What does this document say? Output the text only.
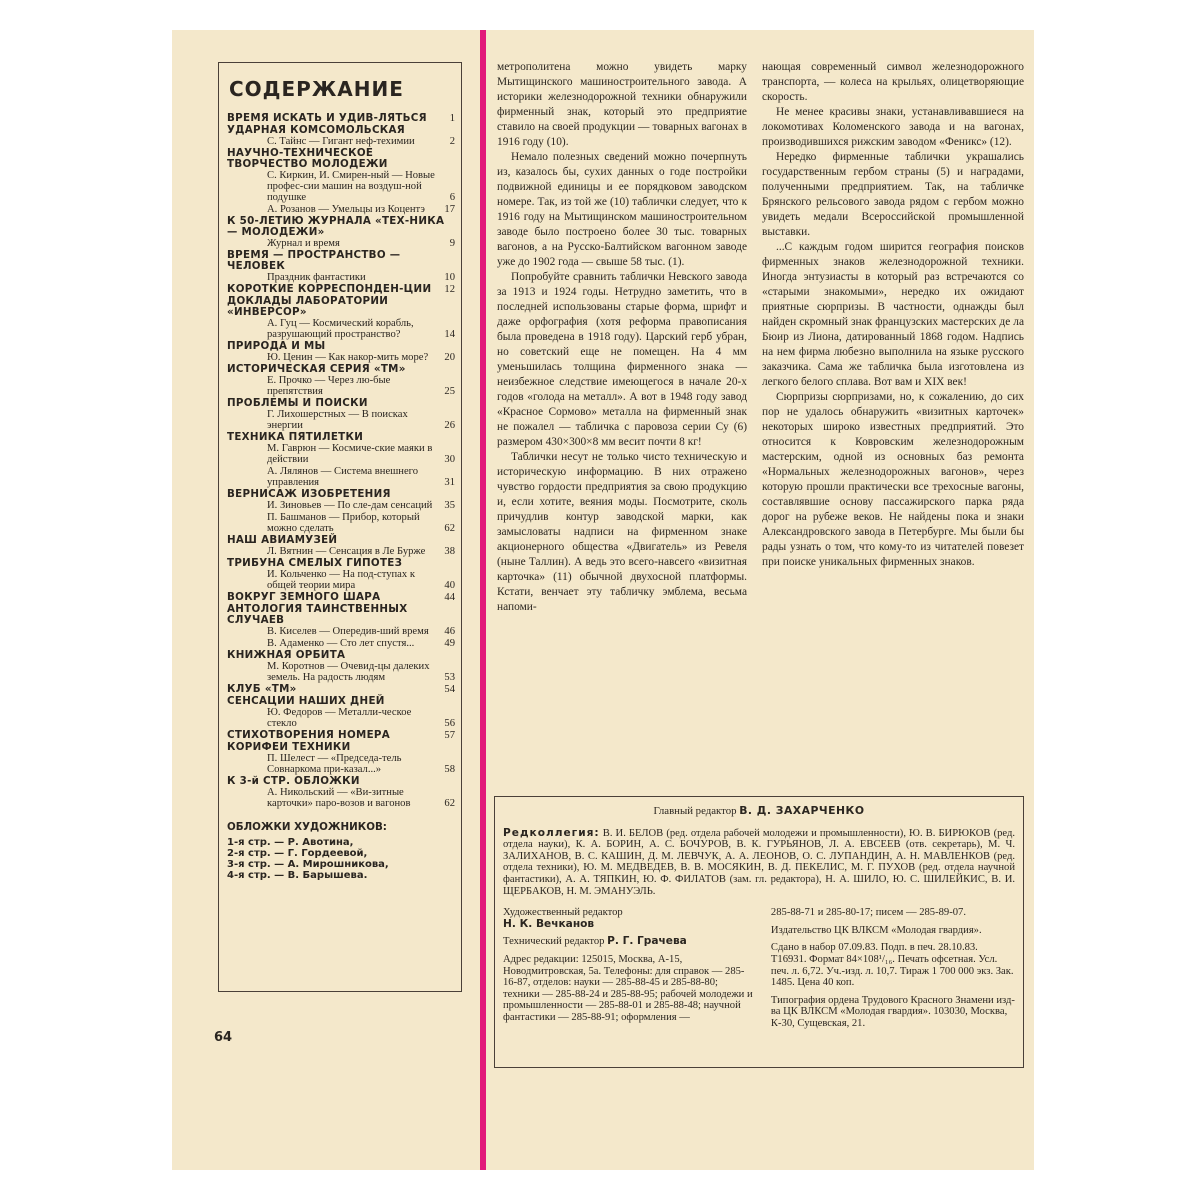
СОДЕРЖАНИЕ
ВРЕМЯ ИСКАТЬ И УДИВ-ЛЯТЬСЯ	1
УДАРНАЯ КОМСОМОЛЬСКАЯ
С. Тайнс — Гигант неф-техимии	2
НАУЧНО-ТЕХНИЧЕСКОЕ ТВОРЧЕСТВО МОЛОДЕЖИ
С. Киркин, И. Смирен-ный — Новые профес-сии машин на воздуш-ной подушке	6
А. Розанов — Умельцы из Коцентэ	17
К 50-ЛЕТИЮ ЖУРНАЛА «ТЕХ-НИКА — МОЛОДЕЖИ»
Журнал и время	9
ВРЕМЯ — ПРОСТРАНСТВО — ЧЕЛОВЕК
Праздник фантастики	10
КОРОТКИЕ КОРРЕСПОНДЕН-ЦИИ	12
ДОКЛАДЫ ЛАБОРАТОРИИ «ИНВЕРСОР»
А. Гуц — Космический корабль, разрушающий пространство?	14
ПРИРОДА И МЫ
Ю. Ценин — Как накор-мить море?	20
ИСТОРИЧЕСКАЯ СЕРИЯ «ТМ»
Е. Прочко — Через лю-бые препятствия	25
ПРОБЛЕМЫ И ПОИСКИ
Г. Лихошерстных — В поисках энергии	26
ТЕХНИКА ПЯТИЛЕТКИ
М. Гаврюн — Космиче-ские маяки в действии	30
А. Лялянов — Система внешнего управления	31
ВЕРНИСАЖ ИЗОБРЕТЕНИЯ
И. Зиновьев — По сле-дам сенсаций	35
П. Башманов — Прибор, который можно сделать	62
НАШ АВИАМУЗЕЙ
Л. Вятнин — Сенсация в Ле Бурже	38
ТРИБУНА СМЕЛЫХ ГИПОТЕЗ
И. Кольченко — На под-ступах к общей теории мира	40
ВОКРУГ ЗЕМНОГО ШАРА	44
АНТОЛОГИЯ ТАИНСТВЕННЫХ СЛУЧАЕВ
В. Киселев — Опередив-ший время	46
В. Адаменко — Сто лет спустя...	49
КНИЖНАЯ ОРБИТА
М. Коротнов — Очевид-цы далеких земель. На радость людям	53
КЛУБ «ТМ»	54
СЕНСАЦИИ НАШИХ ДНЕЙ
Ю. Федоров — Металли-ческое стекло	56
СТИХОТВОРЕНИЯ НОМЕРА	57
КОРИФЕИ ТЕХНИКИ
П. Шелест — «Председа-тель Совнаркома при-казал...»	58
К 3-й СТР. ОБЛОЖКИ
А. Никольский — «Ви-зитные карточки» паро-возов и вагонов	62
ОБЛОЖКИ ХУДОЖНИКОВ:
1-я стр. — Р. Авотина,
2-я стр. — Г. Гордеевой,
3-я стр. — А. Мирошникова,
4-я стр. — В. Барышева.
64

метрополитена можно увидеть марку Мытищинского машиностроительного завода. А историки железнодорожной техники обнаружили фирменный знак, который это предприятие ставило на своей продукции — товарных вагонах в 1916 году (10).

Немало полезных сведений можно почерпнуть из, казалось бы, сухих данных о годе постройки подвижной единицы и ее порядковом заводском номере. Так, из той же (10) таблички следует, что к 1916 году на Мытищинском машиностроительном заводе было построено более 30 тыс. товарных вагонов, а на Русско-Балтийском вагонном заводе уже до 1902 года — свыше 58 тыс. (1).

Попробуйте сравнить таблички Невского завода за 1913 и 1924 годы. Нетрудно заметить, что в последней использованы старые форма, шрифт и даже орфография (хотя реформа правописания была проведена в 1918 году). Царский герб убран, но советский еще не помещен. На 4 мм уменьшилась толщина фирменного знака — неизбежное следствие имеющегося в начале 20-х годов «голода на металл». А вот в 1948 году завод «Красное Сормово» металла на фирменный знак не пожалел — табличка с паровоза серии Су (6) размером 430×300×8 мм весит почти 8 кг!

Таблички несут не только чисто техническую и историческую информацию. В них отражено чувство гордости предприятия за свою продукцию и, если хотите, веяния моды. Посмотрите, сколь причудлив контур заводской марки, как замысловаты надписи на фирменном знаке акционерного общества «Двигатель» из Ревеля (ныне Таллин). А ведь это всего-навсего «визитная карточка» (11) обычной двухосной платформы. Кстати, венчает эту табличку эмблема, весьма напоми-

нающая современный символ железнодорожного транспорта, — колеса на крыльях, олицетворяющие скорость.

Не менее красивы знаки, устанавливавшиеся на локомотивах Коломенского завода и на вагонах, производившихся рижским заводом «Феникс» (12).

Нередко фирменные таблички украшались государственным гербом страны (5) и наградами, полученными предприятием. Так, на табличке Брянского рельсового завода рядом с гербом можно увидеть медали Всероссийской промышленной выставки.

...С каждым годом ширится география поисков фирменных знаков железнодорожной техники. Иногда энтузиасты в который раз встречаются со «старыми знакомыми», нередко их ожидают приятные сюрпризы. В частности, однажды был найден скромный знак французских мастерских де ла Бюир из Лиона, датированный 1868 годом. Надпись на нем фирма любезно выполнила на языке русского заказчика. Сама же табличка была изготовлена из легкого белого сплава. Вот вам и XIX век!

Сюрпризы сюрпризами, но, к сожалению, до сих пор не удалось обнаружить «визитных карточек» некоторых широко известных предприятий. Это относится к Ковровским железнодорожным мастерским, одной из основных баз ремонта «Нормальных железнодорожных вагонов», через которую прошли практически все трехосные вагоны, составлявшие основу пассажирского парка ряда дорог на рубеже веков. Не найдены пока и знаки Александровского завода в Петербурге. Мы были бы рады узнать о том, что кому-то из читателей повезет при поиске уникальных фирменных знаков.

Главный редактор В. Д. ЗАХАРЧЕНКО
Редколлегия: В. И. БЕЛОВ (ред. отдела рабочей молодежи и промышленности), Ю. В. БИРЮКОВ (ред. отдела науки), К. А. БОРИН, А. С. БОЧУРОВ, В. К. ГУРЬЯНОВ, Л. А. ЕВСЕЕВ (отв. секретарь), М. Ч. ЗАЛИХАНОВ, В. С. КАШИН, Д. М. ЛЕВЧУК, А. А. ЛЕОНОВ, О. С. ЛУПАНДИН, А. Н. МАВЛЕНКОВ (ред. отдела техники), Ю. М. МЕДВЕДЕВ, В. В. МОСЯКИН, В. Д. ПЕКЕЛИС, М. Г. ПУХОВ (ред. отдела научной фантастики), А. А. ТЯПКИН, Ю. Ф. ФИЛАТОВ (зам. гл. редактора), Н. А. ШИЛО, Ю. С. ШИЛЕЙКИС, В. И. ЩЕРБАКОВ, Н. М. ЭМАНУЭЛЬ.

Художественный редактор
Н. К. Вечканов

Технический редактор Р. Г. Грачева

Адрес редакции: 125015, Москва, А-15, Новодмитровская, 5а. Телефоны: для справок — 285-16-87, отделов: науки — 285-88-45 и 285-88-80; техники — 285-88-24 и 285-88-95; рабочей молодежи и промышленности — 285-88-01 и 285-88-48; научной фантастики — 285-88-91; оформления —

285-88-71 и 285-80-17; писем — 285-89-07.

Издательство ЦК ВЛКСМ «Молодая гвардия».

Сдано в набор 07.09.83. Подп. в печ. 28.10.83. Т16931. Формат 84×108¹/₁₆. Печать офсетная. Усл. печ. л. 6,72. Уч.-изд. л. 10,7. Тираж 1 700 000 экз. Зак. 1485. Цена 40 коп.

Типография ордена Трудового Красного Знамени изд-ва ЦК ВЛКСМ «Молодая гвардия». 103030, Москва, К-30, Сущевская, 21.
